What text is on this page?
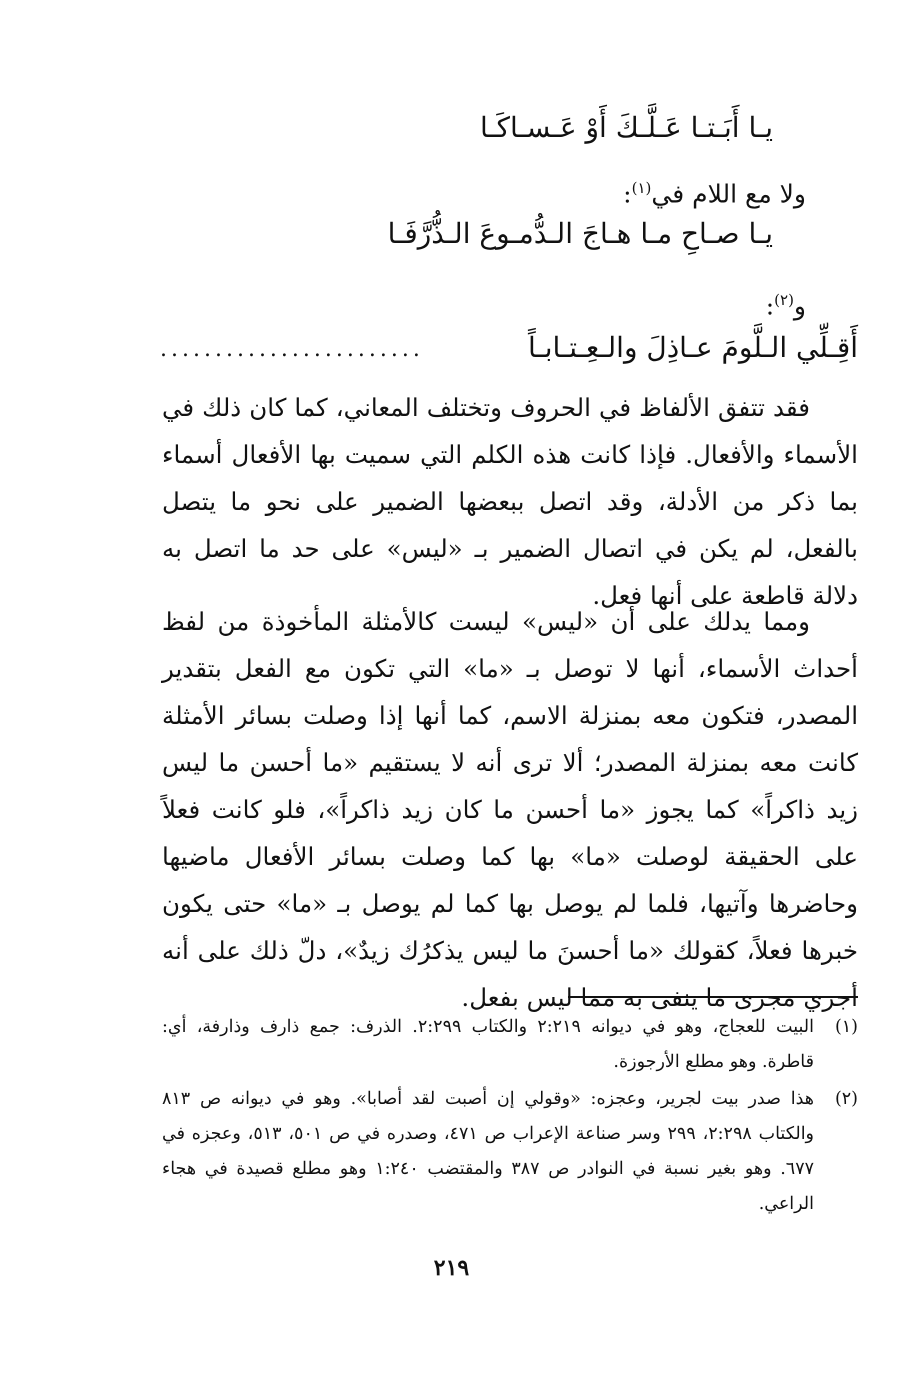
يـا أَبَـتـا عَـلَّـكَ أَوْ عَـسـاكَـا
ولا مع اللام في$^{(١)}$:
يـا صـاحِ مـا هـاجَ الـدُّمـوعَ الـذُّرَّفَـا
و$^{(٢)}$:
أَقِـلِّي الـلَّومَ عـاذِلَ والـعِـتـابـاً
........................

فقد تتفق الألفاظ في الحروف وتختلف المعاني، كما كان ذلك في الأسماء والأفعال. فإذا كانت هذه الكلم التي سميت بها الأفعال أسماء بما ذكر من الأدلة، وقد اتصل ببعضها الضمير على نحو ما يتصل بالفعل، لم يكن في اتصال الضمير بـ «ليس» على حد ما اتصل به دلالة قاطعة على أنها فعل.

ومما يدلك على أن «ليس» ليست كالأمثلة المأخوذة من لفظ أحداث الأسماء، أنها لا توصل بـ «ما» التي تكون مع الفعل بتقدير المصدر، فتكون معه بمنزلة الاسم، كما أنها إذا وصلت بسائر الأمثلة كانت معه بمنزلة المصدر؛ ألا ترى أنه لا يستقيم «ما أحسن ما ليس زيد ذاكراً» كما يجوز «ما أحسن ما كان زيد ذاكراً»، فلو كانت فعلاً على الحقيقة لوصلت «ما» بها كما وصلت بسائر الأفعال ماضيها وحاضرها وآتيها، فلما لم يوصل بها كما لم يوصل بـ «ما» حتى يكون خبرها فعلاً، كقولك «ما أحسنَ ما ليس يذكرُك زيدٌ»، دلّ ذلك على أنه أجري مجرى ما ينفى به مما ليس بفعل.

(١)
البيت للعجاج، وهو في ديوانه ٢:٢١٩ والكتاب ٢:٢٩٩. الذرف: جمع ذارف وذارفة، أي: قاطرة. وهو مطلع الأرجوزة.
(٢)
هذا صدر بيت لجرير، وعجزه: «وقولي إن أصبت لقد أصابا». وهو في ديوانه ص ٨١٣ والكتاب ٢:٢٩٨، ٢٩٩ وسر صناعة الإعراب ص ٤٧١، وصدره في ص ٥٠١، ٥١٣، وعجزه في ٦٧٧. وهو بغير نسبة في النوادر ص ٣٨٧ والمقتضب ١:٢٤٠ وهو مطلع قصيدة في هجاء الراعي.
٢١٩
